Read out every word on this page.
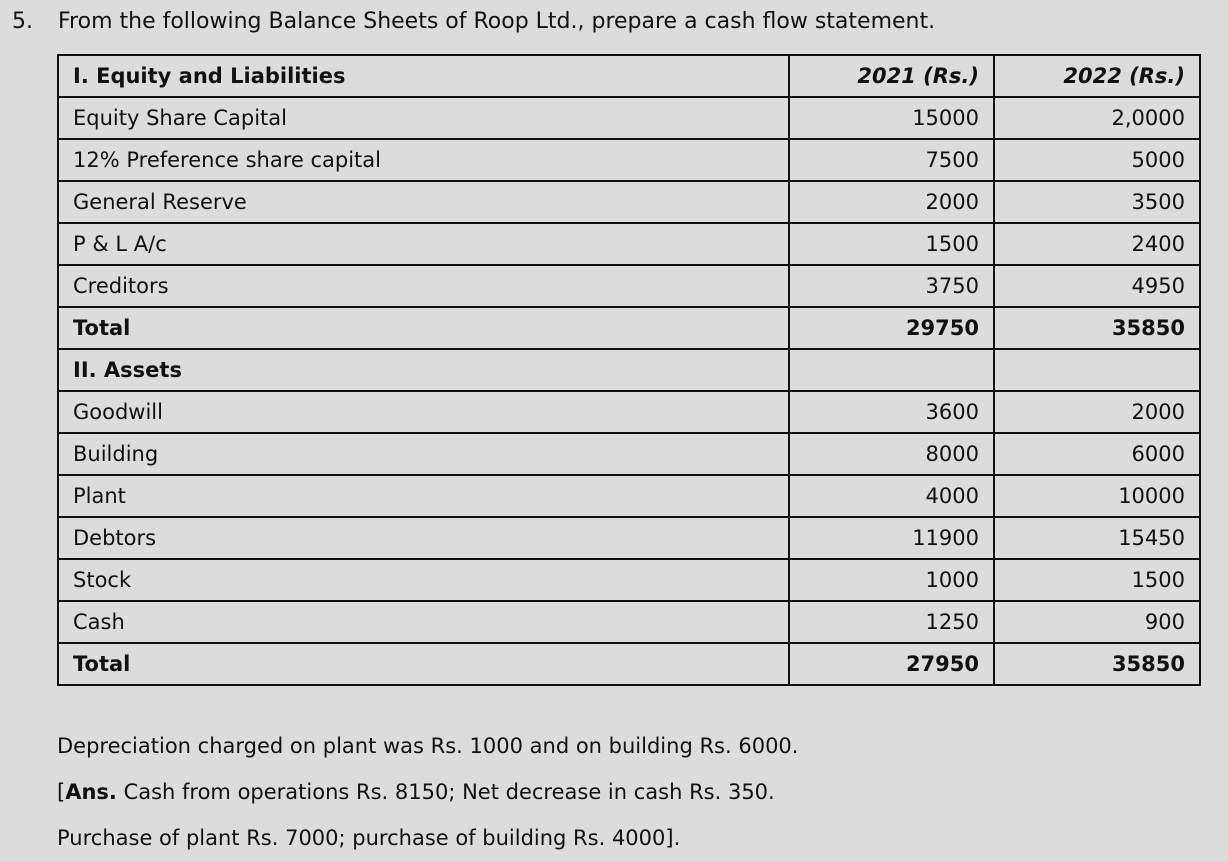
5. From the following Balance Sheets of Roop Ltd., prepare a cash flow statement.
I. Equity and Liabilities	2021 (Rs.)	2022 (Rs.)
Equity Share Capital	15000	2,0000
12% Preference share capital	7500	5000
General Reserve	2000	3500
P & L A/c	1500	2400
Creditors	3750	4950
Total	29750	35850
II. Assets		
Goodwill	3600	2000
Building	8000	6000
Plant	4000	10000
Debtors	11900	15450
Stock	1000	1500
Cash	1250	900
Total	27950	35850
Depreciation charged on plant was Rs. 1000 and on building Rs. 6000.
[Ans. Cash from operations Rs. 8150; Net decrease in cash Rs. 350.
Purchase of plant Rs. 7000; purchase of building Rs. 4000].
